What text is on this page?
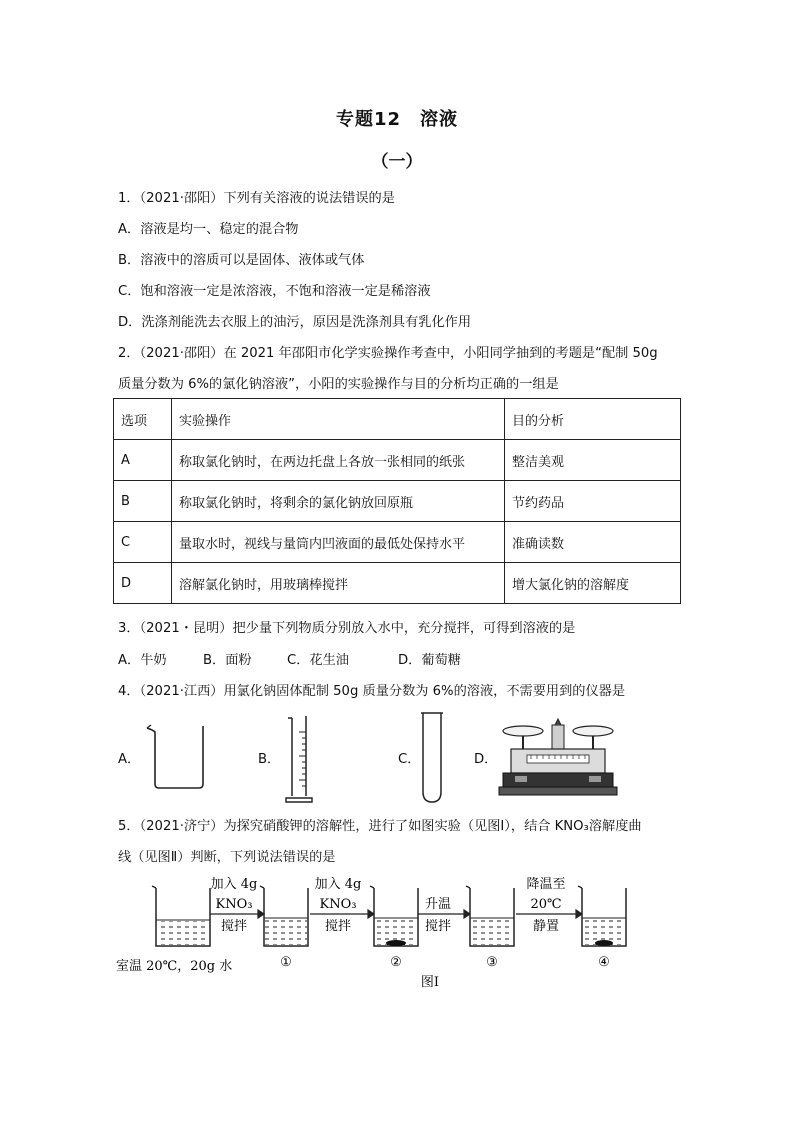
专题12　溶液
（一）
1．（2021·邵阳）下列有关溶液的说法错误的是
A．溶液是均一、稳定的混合物
B．溶液中的溶质可以是固体、液体或气体
C．饱和溶液一定是浓溶液，不饱和溶液一定是稀溶液
D．洗涤剂能洗去衣服上的油污，原因是洗涤剂具有乳化作用
2．（2021·邵阳）在 2021 年邵阳市化学实验操作考查中，小阳同学抽到的考题是“配制 50g
质量分数为 6%的氯化钠溶液”，小阳的实验操作与目的分析均正确的一组是
选项	实验操作	目的分析
A	称取氯化钠时，在两边托盘上各放一张相同的纸张	整洁美观
B	称取氯化钠时，将剩余的氯化钠放回原瓶	节约药品
C	量取水时，视线与量筒内凹液面的最低处保持水平	准确读数
D	溶解氯化钠时，用玻璃棒搅拌	增大氯化钠的溶解度
3．（2021・昆明）把少量下列物质分别放入水中，充分搅拌，可得到溶液的是
A．牛奶	B．面粉	C．花生油	D．葡萄糖
4．（2021·江西）用氯化钠固体配制 50g 质量分数为 6%的溶液，不需要用到的仪器是
A．	B．	C．	D．
5．（2021·济宁）为探究硝酸钾的溶解性，进行了如图实验（见图Ⅰ），结合 KNO₃溶解度曲
线（见图Ⅱ）判断，下列说法错误的是
加入 4g
KNO₃
搅拌
加入 4g
KNO₃
搅拌
升温
搅拌
降温至
20℃
静置
室温 20℃，20g 水	①	②	③	④
图Ⅰ
